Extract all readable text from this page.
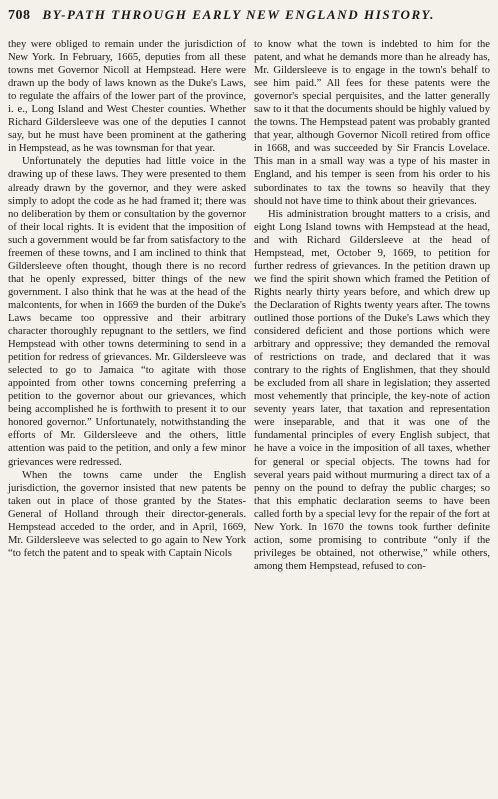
708 BY-PATH THROUGH EARLY NEW ENGLAND HISTORY.

they were obliged to remain under the jurisdiction of New York. In February, 1665, deputies from all these towns met Governor Nicoll at Hempstead. Here were drawn up the body of laws known as the Duke's Laws, to regulate the affairs of the lower part of the province, i. e., Long Island and West Chester counties. Whether Richard Gildersleeve was one of the deputies I cannot say, but he must have been prominent at the gathering in Hempstead, as he was townsman for that year.

Unfortunately the deputies had little voice in the drawing up of these laws. They were presented to them already drawn by the governor, and they were asked simply to adopt the code as he had framed it; there was no deliberation by them or consultation by the governor of their local rights. It is evident that the imposition of such a government would be far from satisfactory to the freemen of these towns, and I am inclined to think that Gildersleeve often thought, though there is no record that he openly expressed, bitter things of the new government. I also think that he was at the head of the malcontents, for when in 1669 the burden of the Duke's Laws became too oppressive and their arbitrary character thoroughly repugnant to the settlers, we find Hempstead with other towns determining to send in a petition for redress of grievances. Mr. Gildersleeve was selected to go to Jamaica “to agitate with those appointed from other towns concerning preferring a petition to the governor about our grievances, which being accomplished he is forthwith to present it to our honored governor.” Unfortunately, notwithstanding the efforts of Mr. Gildersleeve and the others, little attention was paid to the petition, and only a few minor grievances were redressed.

When the towns came under the English jurisdiction, the governor insisted that new patents be taken out in place of those granted by the States-General of Holland through their director-generals. Hempstead acceded to the order, and in April, 1669, Mr. Gildersleeve was selected to go again to New York “to fetch the patent and to speak with Captain Nicols

to know what the town is indebted to him for the patent, and what he demands more than he already has, Mr. Gildersleeve is to engage in the town's behalf to see him paid.” All fees for these patents were the governor's special perquisites, and the latter generally saw to it that the documents should be highly valued by the towns. The Hempstead patent was probably granted that year, although Governor Nicoll retired from office in 1668, and was succeeded by Sir Francis Lovelace. This man in a small way was a type of his master in England, and his temper is seen from his order to his subordinates to tax the towns so heavily that they should not have time to think about their grievances.

His administration brought matters to a crisis, and eight Long Island towns with Hempstead at the head, and with Richard Gildersleeve at the head of Hempstead, met, October 9, 1669, to petition for further redress of grievances. In the petition drawn up we find the spirit shown which framed the Petition of Rights nearly thirty years before, and which drew up the Declaration of Rights twenty years after. The towns outlined those portions of the Duke's Laws which they considered deficient and those portions which were arbitrary and oppressive; they demanded the removal of restrictions on trade, and declared that it was contrary to the rights of Englishmen, that they should be excluded from all share in legislation; they asserted most vehemently that principle, the key-note of action seventy years later, that taxation and representation were inseparable, and that it was one of the fundamental principles of every English subject, that he have a voice in the imposition of all taxes, whether for general or special objects. The towns had for several years paid without murmuring a direct tax of a penny on the pound to defray the public charges; so that this emphatic declaration seems to have been called forth by a special levy for the repair of the fort at New York. In 1670 the towns took further definite action, some promising to contribute “only if the privileges be obtained, not otherwise,” while others, among them Hempstead, refused to con-
